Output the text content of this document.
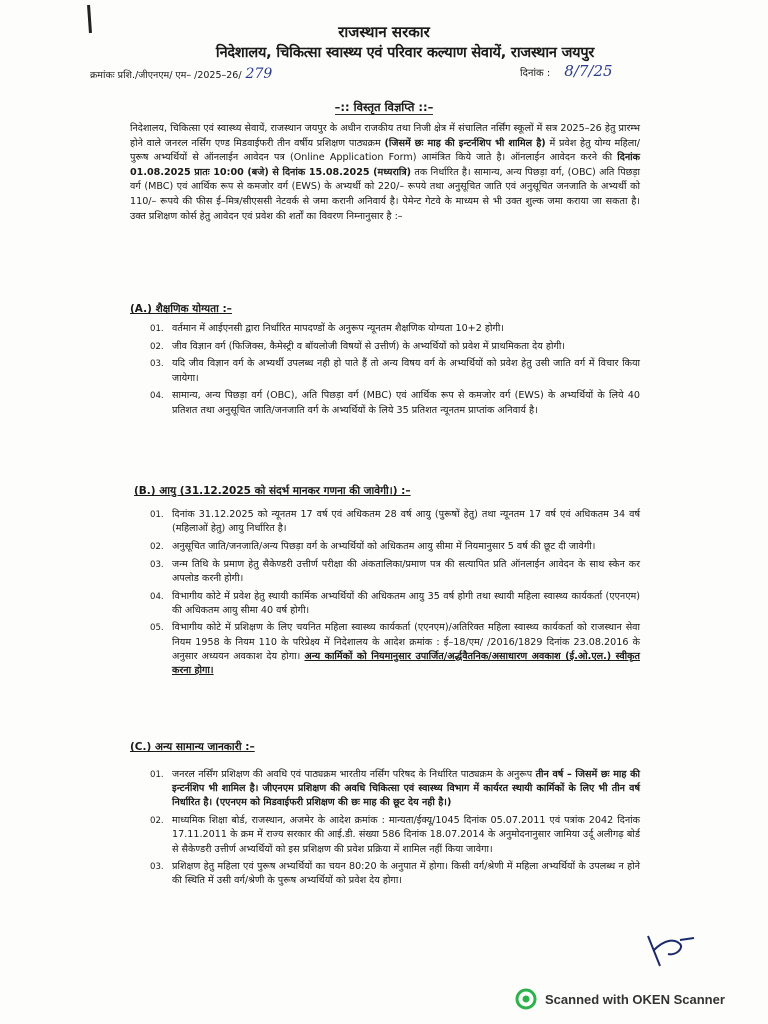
राजस्थान सरकार
निदेशालय, चिकित्सा स्वास्थ्य एवं परिवार कल्याण सेवायें, राजस्थान जयपुर
क्रमांकः प्रशि./जीएनएम/ एम– /2025–26/ 279	दिनांक : 8/7/25
–:: विस्तृत विज्ञप्ति ::–
निदेशालय, चिकित्सा एवं स्वास्थ्य सेवायें, राजस्थान जयपुर के अधीन राजकीय तथा निजी क्षेत्र में संचालित नर्सिंग स्कूलों में सत्र 2025–26 हेतु प्रारम्भ होने वाले जनरल नर्सिंग एण्ड मिडवाईफरी तीन वर्षीय प्रशिक्षण पाठ्यक्रम (जिसमें छः माह की इन्टर्नशिप भी शामिल है) में प्रवेश हेतु योग्य महिला/पुरूष अभ्यर्थियों से ऑनलाईन आवेदन पत्र (Online Application Form) आमंत्रित किये जाते है। ऑनलाईन आवेदन करने की दिनांक 01.08.2025 प्रातः 10:00 (बजे) से दिनांक 15.08.2025 (मध्यरात्रि) तक निर्धारित है। सामान्य, अन्य पिछड़ा वर्ग, (OBC) अति पिछड़ा वर्ग (MBC) एवं आर्थिक रूप से कमजोर वर्ग (EWS) के अभ्यर्थी को 220/– रूपये तथा अनुसूचित जाति एवं अनुसूचित जनजाति के अभ्यर्थी को 110/– रूपये की फीस ई–मित्र/सीएससी नेटवर्क से जमा करानी अनिवार्य है। पेमेन्ट गेटवे के माध्यम से भी उक्त शुल्क जमा कराया जा सकता है। उक्त प्रशिक्षण कोर्स हेतु आवेदन एवं प्रवेश की शर्तों का विवरण निम्नानुसार है :–
(A.) शैक्षणिक योग्यता :–
01. वर्तमान में आईएनसी द्वारा निर्धारित मापदण्डों के अनुरूप न्यूनतम शैक्षणिक योग्यता 10+2 होगी।
02. जीव विज्ञान वर्ग (फिजिक्स, कैमेस्ट्री व बॉयलोजी विषयों से उत्तीर्ण) के अभ्यर्थियों को प्रवेश में प्राथमिकता देय होगी।
03. यदि जीव विज्ञान वर्ग के अभ्यर्थी उपलब्ध नही हो पाते हैं तो अन्य विषय वर्ग के अभ्यर्थियों को प्रवेश हेतु उसी जाति वर्ग में विचार किया जायेगा।
04. सामान्य, अन्य पिछड़ा वर्ग (OBC), अति पिछड़ा वर्ग (MBC) एवं आर्थिक रूप से कमजोर वर्ग (EWS) के अभ्यर्थियों के लिये 40 प्रतिशत तथा अनुसूचित जाति/जनजाति वर्ग के अभ्यर्थियों के लिये 35 प्रतिशत न्यूनतम प्राप्तांक अनिवार्य है।
(B.) आयु (31.12.2025 को संदर्भ मानकर गणना की जावेगी।) :–
01. दिनांक 31.12.2025 को न्यूनतम 17 वर्ष एवं अधिकतम 28 वर्ष आयु (पुरूषों हेतु) तथा न्यूनतम 17 वर्ष एवं अधिकतम 34 वर्ष (महिलाओं हेतु) आयु निर्धारित है।
02. अनुसूचित जाति/जनजाति/अन्य पिछड़ा वर्ग के अभ्यर्थियों को अधिकतम आयु सीमा में नियमानुसार 5 वर्ष की छूट दी जावेगी।
03. जन्म तिथि के प्रमाण हेतु सैकेण्डरी उत्तीर्ण परीक्षा की अंकतालिका/प्रमाण पत्र की सत्यापित प्रति ऑनलाईन आवेदन के साथ स्केन कर अपलोड करनी होगी।
04. विभागीय कोटे में प्रवेश हेतु स्थायी कार्मिक अभ्यर्थियों की अधिकतम आयु 35 वर्ष होगी तथा स्थायी महिला स्वास्थ्य कार्यकर्ता (एएनएम) की अधिकतम आयु सीमा 40 वर्ष होगी।
05. विभागीय कोटे में प्रशिक्षण के लिए चयनित महिला स्वास्थ्य कार्यकर्ता (एएनएम)/अतिरिक्त महिला स्वास्थ्य कार्यकर्ता को राजस्थान सेवा नियम 1958 के नियम 110 के परिप्रेक्ष्य में निदेशालय के आदेश क्रमांक : ई–18/एम/ /2016/1829 दिनांक 23.08.2016 के अनुसार अध्ययन अवकाश देय होगा। अन्य कार्मिकों को नियमानुसार उपार्जित/अर्द्धवैतनिक/असाधारण अवकाश (ई.ओ.एल.) स्वीकृत करना होगा।
(C.) अन्य सामान्य जानकारी :–
01. जनरल नर्सिंग प्रशिक्षण की अवधि एवं पाठ्यक्रम भारतीय नर्सिंग परिषद के निर्धारित पाठ्यक्रम के अनुरूप तीन वर्ष – जिसमें छः माह की इन्टर्नशिप भी शामिल है। जीएनएम प्रशिक्षण की अवधि चिकित्सा एवं स्वास्थ्य विभाग में कार्यरत स्थायी कार्मिकों के लिए भी तीन वर्ष निर्धारित है। (एएनएम को मिडवाईफरी प्रशिक्षण की छः माह की छूट देय नही है।)
02. माध्यमिक शिक्षा बोर्ड, राजस्थान, अजमेर के आदेश क्रमांक : मान्यता/ईक्यू/1045 दिनांक 05.07.2011 एवं पत्रांक 2042 दिनांक 17.11.2011 के क्रम में राज्य सरकार की आई.डी. संख्या 586 दिनांक 18.07.2014 के अनुमोदनानुसार जामिया उर्दू अलीगढ़ बोर्ड से सैकेण्डरी उत्तीर्ण अभ्यर्थियों को इस प्रशिक्षण की प्रवेश प्रक्रिया में शामिल नहीं किया जावेगा।
03. प्रशिक्षण हेतु महिला एवं पुरूष अभ्यर्थियों का चयन 80:20 के अनुपात में होगा। किसी वर्ग/श्रेणी में महिला अभ्यर्थियों के उपलब्ध न होने की स्थिति में उसी वर्ग/श्रेणी के पुरूष अभ्यर्थियों को प्रवेश देय होगा।
Scanned with OKEN Scanner
